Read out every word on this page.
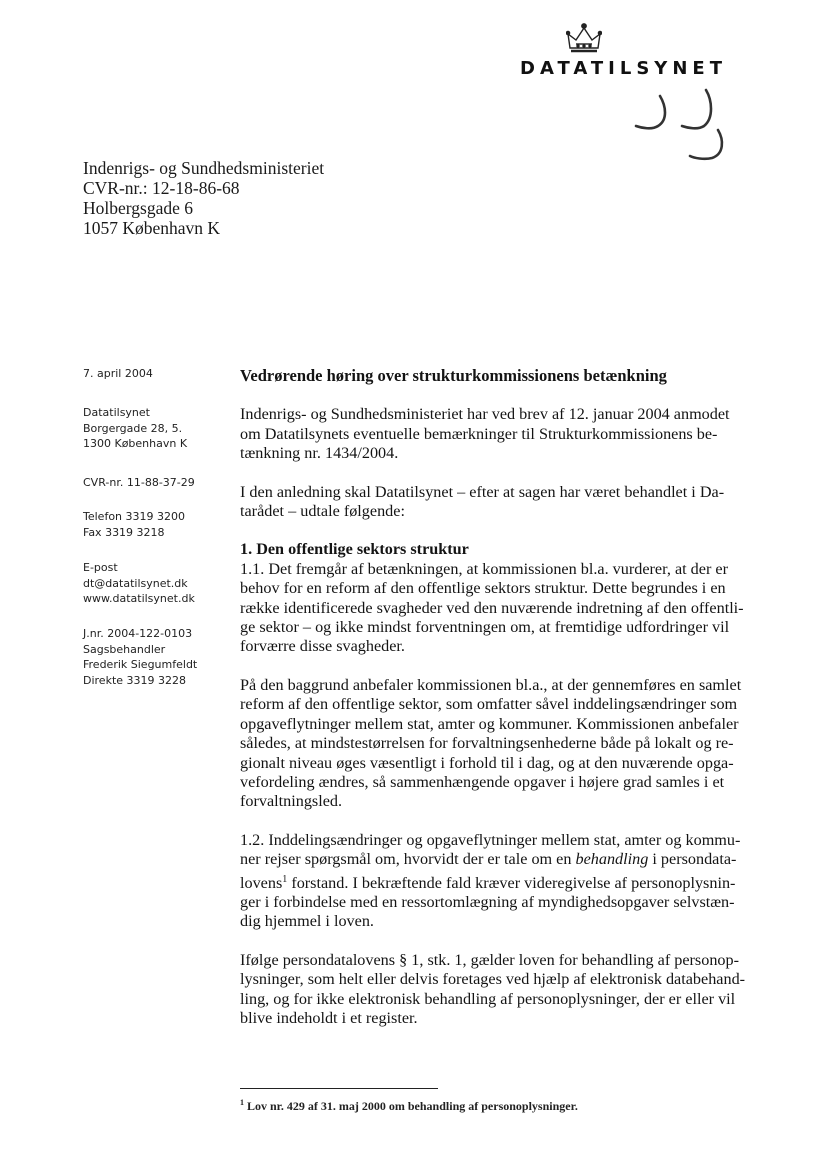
DATATILSYNET
Indenrigs- og Sundhedsministeriet
CVR-nr.: 12-18-86-68
Holbergsgade 6
1057 København K
7. april 2004
Datatilsynet
Borgergade 28, 5.
1300 København K
CVR-nr. 11-88-37-29
Telefon 3319 3200
Fax 3319 3218
E-post
dt@datatilsynet.dk
www.datatilsynet.dk
J.nr. 2004-122-0103
Sagsbehandler
Frederik Siegumfeldt
Direkte 3319 3228

Vedrørende høring over strukturkommissionens betænkning

Indenrigs- og Sundhedsministeriet har ved brev af 12. januar 2004 anmodet
om Datatilsynets eventuelle bemærkninger til Strukturkommissionens be-
tænkning nr. 1434/2004.

I den anledning skal Datatilsynet – efter at sagen har været behandlet i Da-
tarådet – udtale følgende:

1. Den offentlige sektors struktur

1.1. Det fremgår af betænkningen, at kommissionen bl.a. vurderer, at der er
behov for en reform af den offentlige sektors struktur. Dette begrundes i en
række identificerede svagheder ved den nuværende indretning af den offentli-
ge sektor – og ikke mindst forventningen om, at fremtidige udfordringer vil
forværre disse svagheder.

På den baggrund anbefaler kommissionen bl.a., at der gennemføres en samlet
reform af den offentlige sektor, som omfatter såvel inddelingsændringer som
opgaveflytninger mellem stat, amter og kommuner. Kommissionen anbefaler
således, at mindstestørrelsen for forvaltningsenhederne både på lokalt og re-
gionalt niveau øges væsentligt i forhold til i dag, og at den nuværende opga-
vefordeling ændres, så sammenhængende opgaver i højere grad samles i et
forvaltningsled.

1.2. Inddelingsændringer og opgaveflytninger mellem stat, amter og kommu-
ner rejser spørgsmål om, hvorvidt der er tale om en behandling i persondata-
lovens$^1$ forstand. I bekræftende fald kræver videregivelse af personoplysnin-
ger i forbindelse med en ressortomlægning af myndighedsopgaver selvstæn-
dig hjemmel i loven.

Ifølge persondatalovens § 1, stk. 1, gælder loven for behandling af personop-
lysninger, som helt eller delvis foretages ved hjælp af elektronisk databehand-
ling, og for ikke elektronisk behandling af personoplysninger, der er eller vil
blive indeholdt i et register.

$^1$ Lov nr. 429 af 31. maj 2000 om behandling af personoplysninger.
